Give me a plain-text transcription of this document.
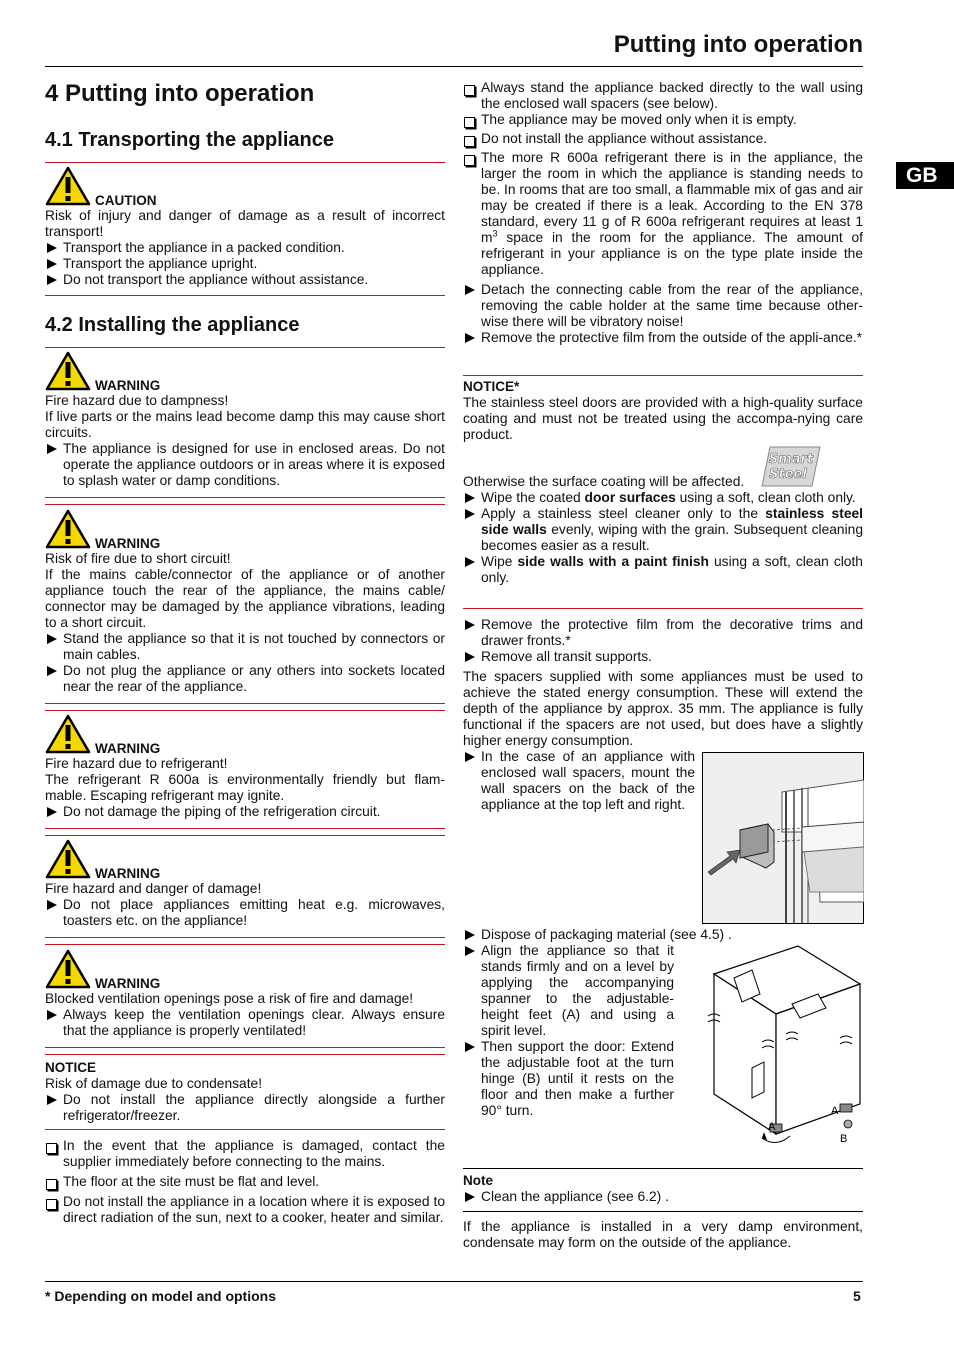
Putting into operation
GB
4 Putting into operation
4.1 Transporting the appliance
CAUTION
Risk of injury and danger of damage as a result of incorrect transport!
Transport the appliance in a packed condition.
Transport the appliance upright.
Do not transport the appliance without assistance.
4.2 Installing the appliance
WARNING
Fire hazard due to dampness!
If live parts or the mains lead become damp this may cause short circuits.
The appliance is designed for use in enclosed areas. Do not operate the appliance outdoors or in areas where it is exposed to splash water or damp conditions.
WARNING
Risk of fire due to short circuit!
If the mains cable/connector of the appliance or of another appliance touch the rear of the appliance, the mains cable/ connector may be damaged by the appliance vibrations, leading to a short circuit.
Stand the appliance so that it is not touched by connectors or main cables.
Do not plug the appliance or any others into sockets located near the rear of the appliance.
WARNING
Fire hazard due to refrigerant!
The refrigerant R 600a is environmentally friendly but flam-mable. Escaping refrigerant may ignite.
Do not damage the piping of the refrigeration circuit.
WARNING
Fire hazard and danger of damage!
Do not place appliances emitting heat e.g. microwaves, toasters etc. on the appliance!
WARNING
Blocked ventilation openings pose a risk of fire and damage!
Always keep the ventilation openings clear. Always ensure that the appliance is properly ventilated!
NOTICE
Risk of damage due to condensate!
Do not install the appliance directly alongside a further refrigerator/freezer.
In the event that the appliance is damaged, contact the supplier immediately before connecting to the mains.
The floor at the site must be flat and level.
Do not install the appliance in a location where it is exposed to direct radiation of the sun, next to a cooker, heater and similar.
Always stand the appliance backed directly to the wall using the enclosed wall spacers (see below).
The appliance may be moved only when it is empty.
Do not install the appliance without assistance.
The more R 600a refrigerant there is in the appliance, the larger the room in which the appliance is standing needs to be. In rooms that are too small, a flammable mix of gas and air may be created if there is a leak. According to the EN 378 standard, every 11 g of R 600a refrigerant requires at least 1 $m^3$ space in the room for the appliance. The amount of refrigerant in your appliance is on the type plate inside the appliance.
Detach the connecting cable from the rear of the appliance, removing the cable holder at the same time because other-wise there will be vibratory noise!
Remove the protective film from the outside of the appli-ance.*
NOTICE*
The stainless steel doors are provided with a high-quality surface coating and must not be treated using the accompa-nying care product.
Smart
Steel
Otherwise the surface coating will be affected.
Wipe the coated door surfaces using a soft, clean cloth only.
Apply a stainless steel cleaner only to the stainless steel side walls evenly, wiping with the grain. Subsequent cleaning becomes easier as a result.
Wipe side walls with a paint finish using a soft, clean cloth only.
Remove the protective film from the decorative trims and drawer fronts.*
Remove all transit supports.
The spacers supplied with some appliances must be used to achieve the stated energy consumption. These will extend the depth of the appliance by approx. 35 mm. The appliance is fully functional if the spacers are not used, but does have a slightly higher energy consumption.
In the case of an appliance with enclosed wall spacers, mount the wall spacers on the back of the appliance at the top left and right.
Dispose of packaging material (see 4.5) .
Align the appliance so that it stands firmly and on a level by applying the accompanying spanner to the adjustable-height feet (A) and using a spirit level.
Then support the door: Extend the adjustable foot at the turn hinge (B) until it rests on the floor and then make a further 90° turn.
A
A
B
Note
Clean the appliance (see 6.2) .
If the appliance is installed in a very damp environment, condensate may form on the outside of the appliance.
* Depending on model and options	5
